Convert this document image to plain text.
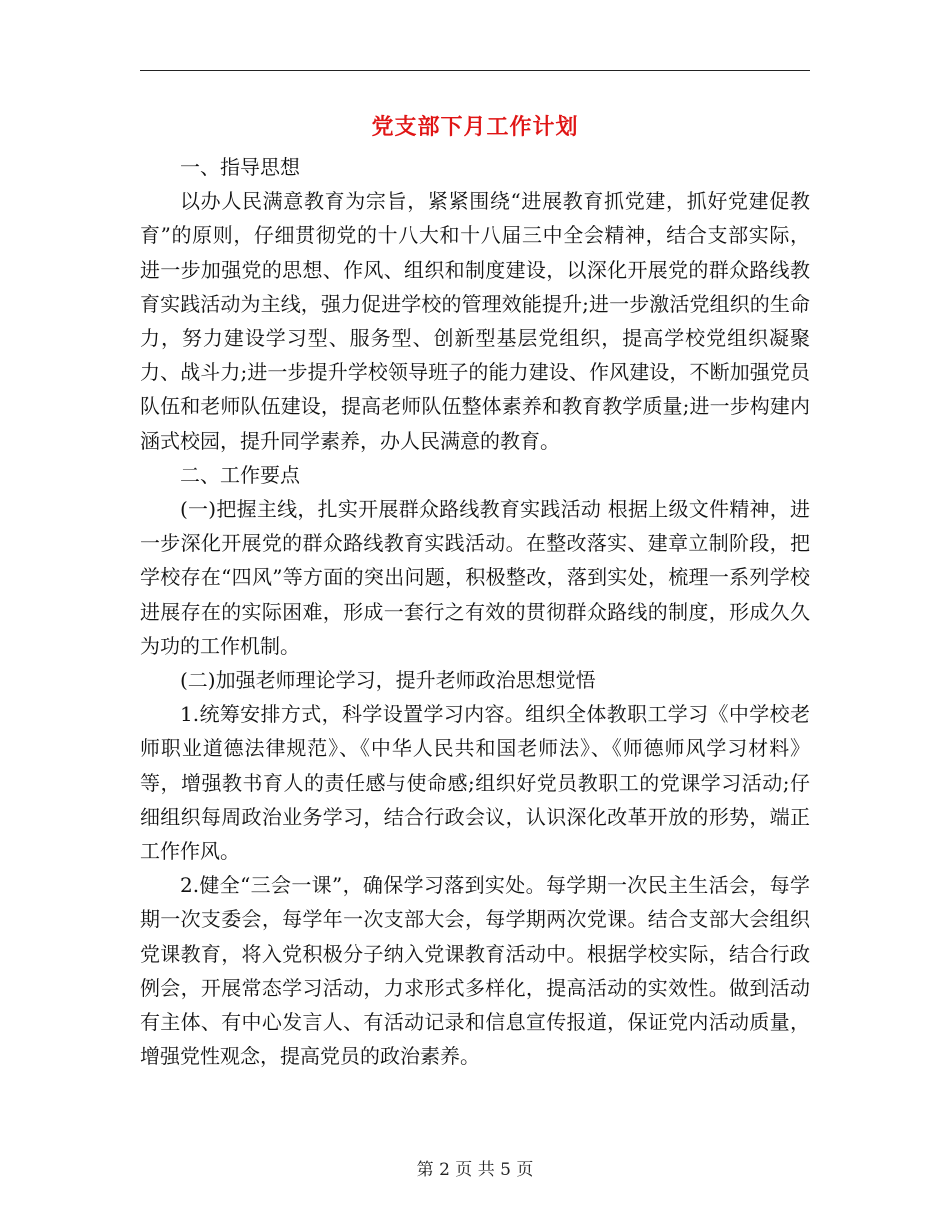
党支部下月工作计划

一、指导思想

以办人民满意教育为宗旨，紧紧围绕“进展教育抓党建，抓好党建促教育”的原则，仔细贯彻党的十八大和十八届三中全会精神，结合支部实际，进一步加强党的思想、作风、组织和制度建设，以深化开展党的群众路线教育实践活动为主线，强力促进学校的管理效能提升;进一步激活党组织的生命力，努力建设学习型、服务型、创新型基层党组织，提高学校党组织凝聚力、战斗力;进一步提升学校领导班子的能力建设、作风建设，不断加强党员队伍和老师队伍建设，提高老师队伍整体素养和教育教学质量;进一步构建内涵式校园，提升同学素养，办人民满意的教育。

二、工作要点

(一)把握主线，扎实开展群众路线教育实践活动 根据上级文件精神，进一步深化开展党的群众路线教育实践活动。在整改落实、建章立制阶段，把学校存在“四风”等方面的突出问题，积极整改，落到实处，梳理一系列学校进展存在的实际困难，形成一套行之有效的贯彻群众路线的制度，形成久久为功的工作机制。

(二)加强老师理论学习，提升老师政治思想觉悟

1.统筹安排方式，科学设置学习内容。组织全体教职工学习《中学校老师职业道德法律规范》、《中华人民共和国老师法》、《师德师风学习材料》等，增强教书育人的责任感与使命感;组织好党员教职工的党课学习活动;仔细组织每周政治业务学习，结合行政会议，认识深化改革开放的形势，端正工作作风。

2.健全“三会一课”，确保学习落到实处。每学期一次民主生活会，每学期一次支委会，每学年一次支部大会，每学期两次党课。结合支部大会组织党课教育，将入党积极分子纳入党课教育活动中。根据学校实际，结合行政例会，开展常态学习活动，力求形式多样化，提高活动的实效性。做到活动有主体、有中心发言人、有活动记录和信息宣传报道，保证党内活动质量，增强党性观念，提高党员的政治素养。

第 2 页 共 5 页
